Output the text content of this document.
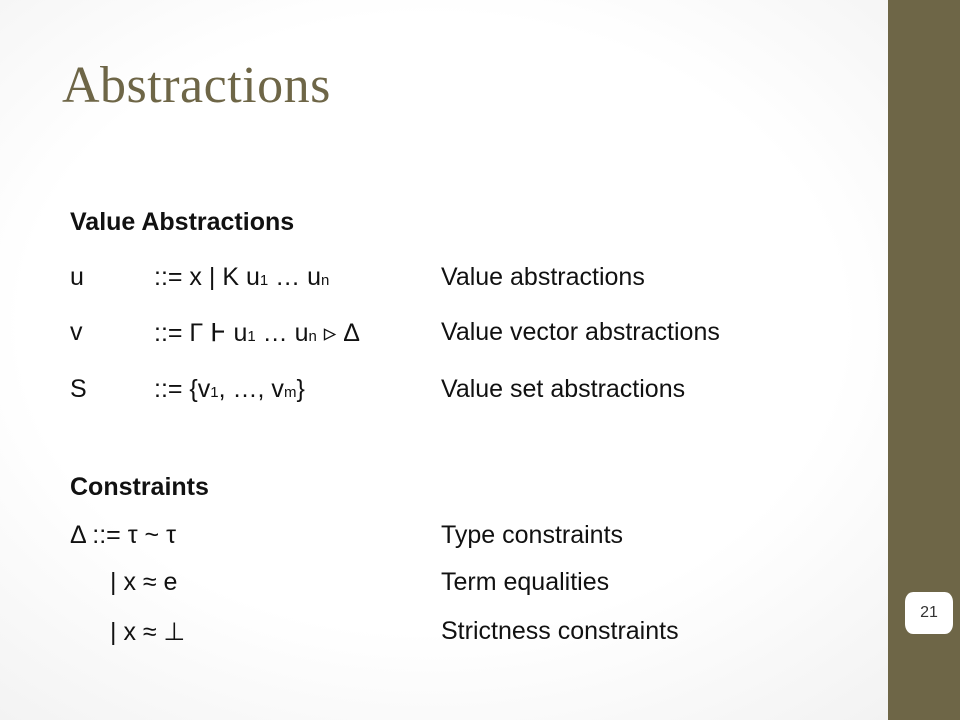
Abstractions
Value Abstractions
u	::= x | K u1 … un	Value abstractions
v	::= Γ Ͱ u1 … un ▹ Δ	Value vector abstractions
S	::= {v1, …, vm}	Value set abstractions
Constraints
Δ ::= τ ~ τ	Type constraints
| x ≈ e	Term equalities
| x ≈ ⊥	Strictness constraints
21
